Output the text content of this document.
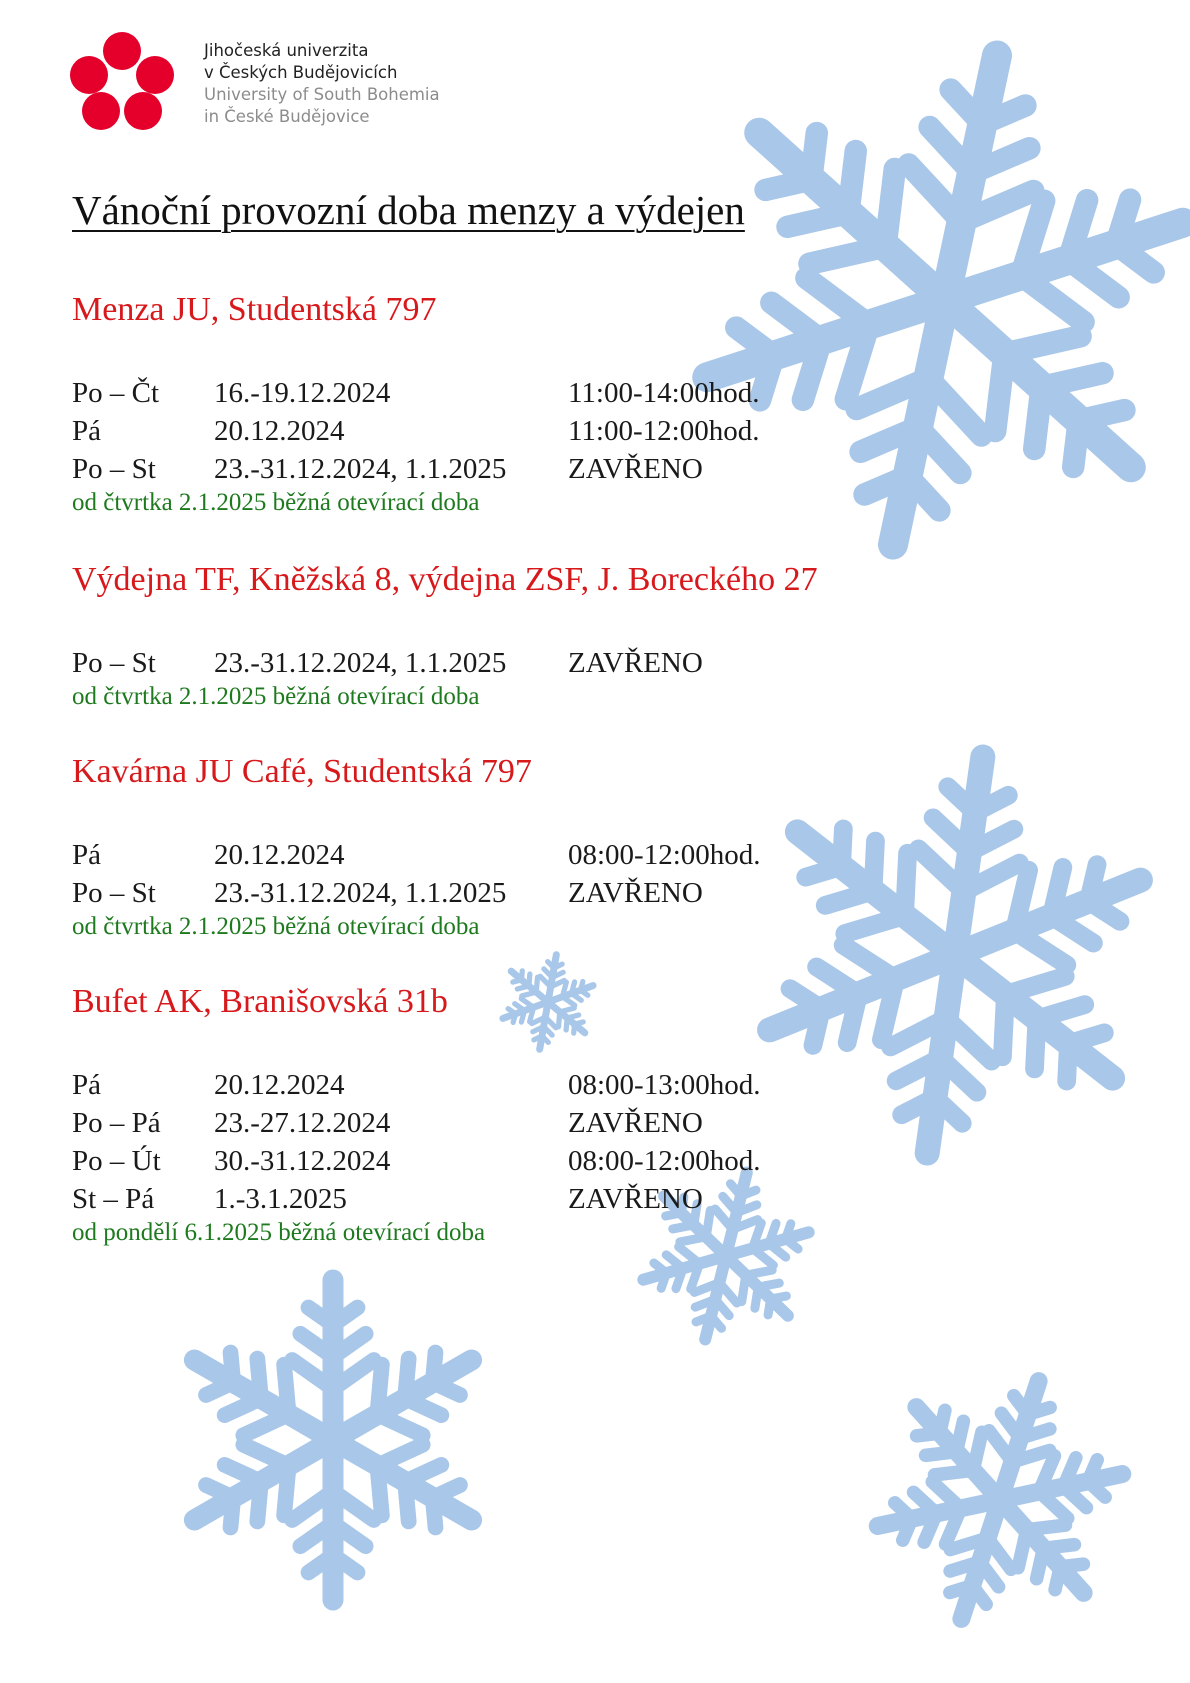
Jihočeská univerzita
v Českých Budějovicích
University of South Bohemia
in České Budějovice
Vánoční provozní doba menzy a výdejen
Menza JU, Studentská 797
Po – Čt 16.-19.12.2024	11:00-14:00hod.
Pá	20.12.2024	11:00-12:00hod.
Po – St 23.-31.12.2024, 1.1.2025 ZAVŘENO
od čtvrtka 2.1.2025 běžná otevírací doba
Výdejna TF, Kněžská 8, výdejna ZSF, J. Boreckého 27
Po – St 23.-31.12.2024, 1.1.2025 ZAVŘENO
od čtvrtka 2.1.2025 běžná otevírací doba
Kavárna JU Café, Studentská 797
Pá	20.12.2024	08:00-12:00hod.
Po – St 23.-31.12.2024, 1.1.2025 ZAVŘENO
od čtvrtka 2.1.2025 běžná otevírací doba
Bufet AK, Branišovská 31b
Pá	20.12.2024	08:00-13:00hod.
Po – Pá 23.-27.12.2024	ZAVŘENO
Po – Út 30.-31.12.2024	08:00-12:00hod.
St – Pá 1.-3.1.2025	ZAVŘENO
od pondělí 6.1.2025 běžná otevírací doba
